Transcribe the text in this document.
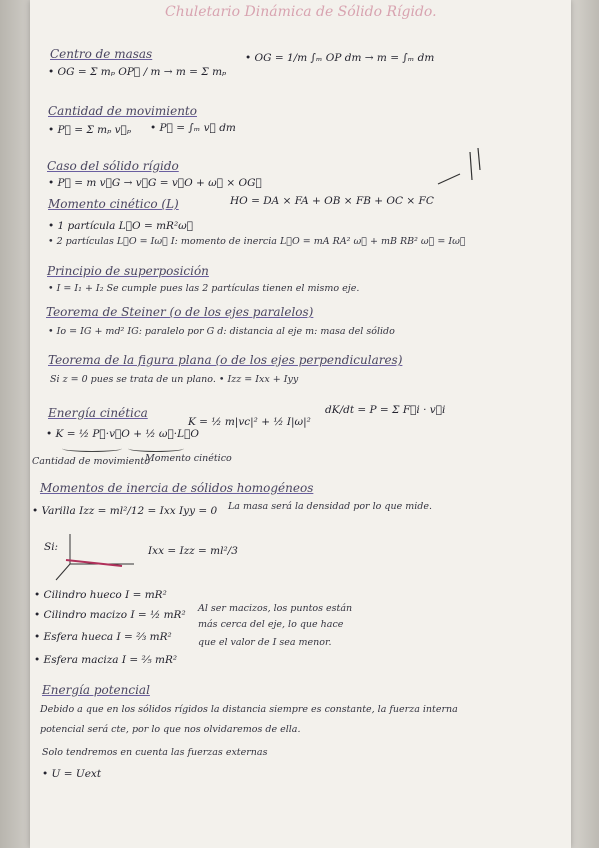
Chuletario Dinámica de Sólido Rígido.
Centro de masas
• OG = Σ mₚ OP⃗ / m → m = Σ mₚ
• OG = 1/m ∫ₘ OP dm → m = ∫ₘ dm
Cantidad de movimiento
• P⃗ = Σ mₚ v⃗ₚ • P⃗ = ∫ₘ v⃗ dm
Caso del sólido rígido
• P⃗ = m v⃗G → v⃗G = v⃗O + ω⃗ × OG⃗
HO = DA × FA + OB × FB + OC × FC
Momento cinético (L)
• 1 partícula L⃗O = mR²ω⃗
• 2 partículas L⃗O = Iω⃗ I: momento de inercia L⃗O = mA RA² ω⃗ + mB RB² ω⃗ = Iω⃗
Principio de superposición
• I = I₁ + I₂ Se cumple pues las 2 partículas tienen el mismo eje.
Teorema de Steiner (o de los ejes paralelos)
• Io = IG + md² IG: paralelo por G d: distancia al eje m: masa del sólido
Teorema de la figura plana (o de los ejes perpendiculares)
Si z = 0 pues se trata de un plano. • Izz = Ixx + Iyy
Energía cinética
• K = ½ P⃗·v⃗O + ½ ω⃗·L⃗O
K = ½ m|vc|² + ½ I|ω|²
dK/dt = P = Σ F⃗i · v⃗i
Cantidad de movimiento
Momento cinético
Momentos de inercia de sólidos homogéneos
• Varilla Izz = ml²/12 = Ixx Iyy = 0 La masa será la densidad por lo que mide.
Si:	Ixx = Izz = ml²/3
• Cilindro hueco I = mR²
• Cilindro macizo I = ½ mR²
• Esfera hueca I = ⅔ mR²
• Esfera maciza I = ⅖ mR²
Al ser macizos, los puntos están
más cerca del eje, lo que hace
que el valor de I sea menor.
Energía potencial
Debido a que en los sólidos rígidos la distancia siempre es constante, la fuerza interna
potencial será cte, por lo que nos olvidaremos de ella.
Solo tendremos en cuenta las fuerzas externas
• U = Uext
